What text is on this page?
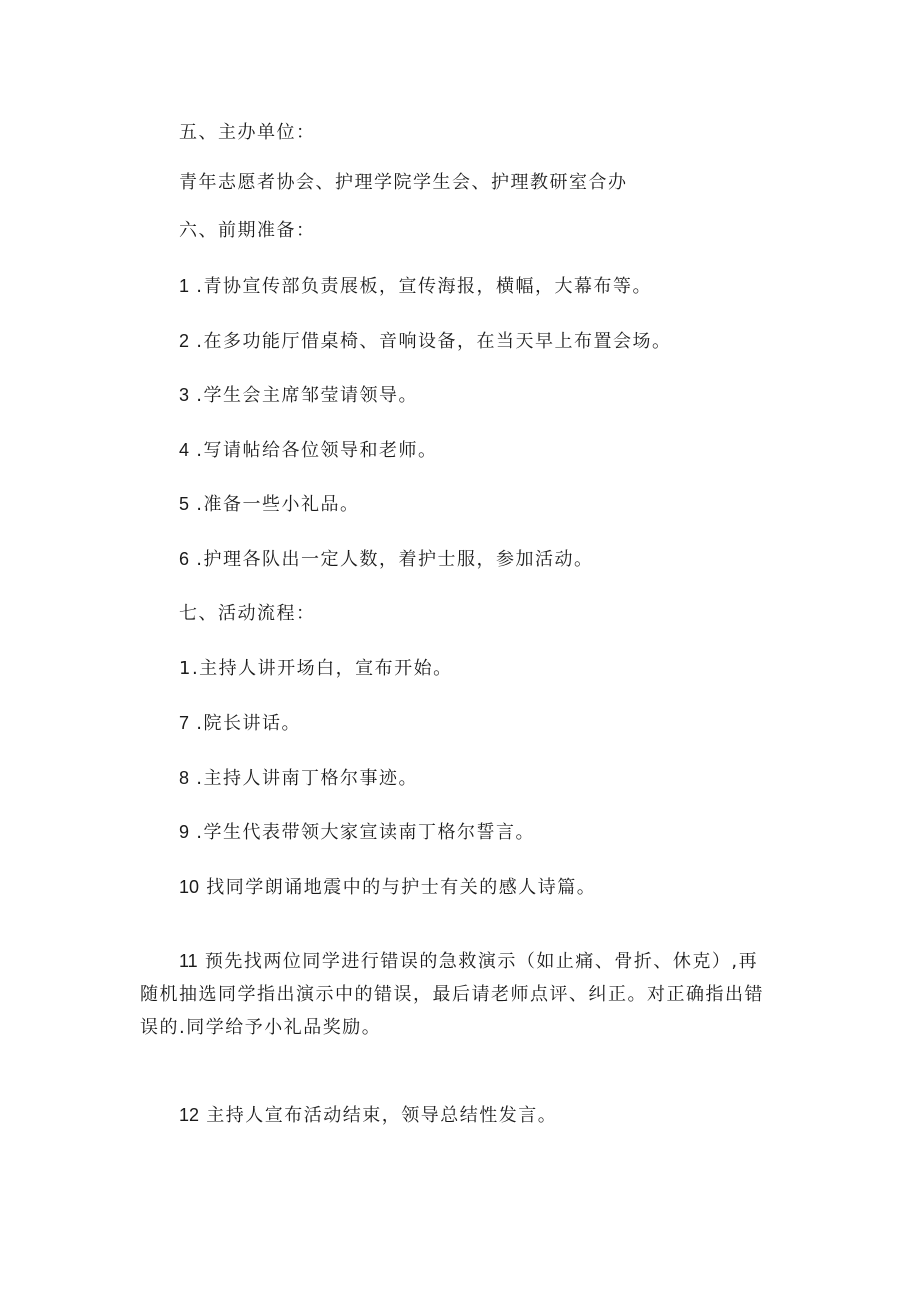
五、主办单位：
青年志愿者协会、护理学院学生会、护理教研室合办
六、前期准备：
1 .青协宣传部负责展板，宣传海报，横幅，大幕布等。
2 .在多功能厅借桌椅、音响设备，在当天早上布置会场。
3 .学生会主席邹莹请领导。
4 .写请帖给各位领导和老师。
5 .准备一些小礼品。
6 .护理各队出一定人数，着护士服，参加活动。
七、活动流程：
1.主持人讲开场白，宣布开始。
7 .院长讲话。
8 .主持人讲南丁格尔事迹。
9 .学生代表带领大家宣读南丁格尔誓言。
10 找同学朗诵地震中的与护士有关的感人诗篇。
11 预先找两位同学进行错误的急救演示（如止痛、骨折、休克）,再
随机抽选同学指出演示中的错误，最后请老师点评、纠正。对正确指出错
误的.同学给予小礼品奖励。
12 主持人宣布活动结束，领导总结性发言。
